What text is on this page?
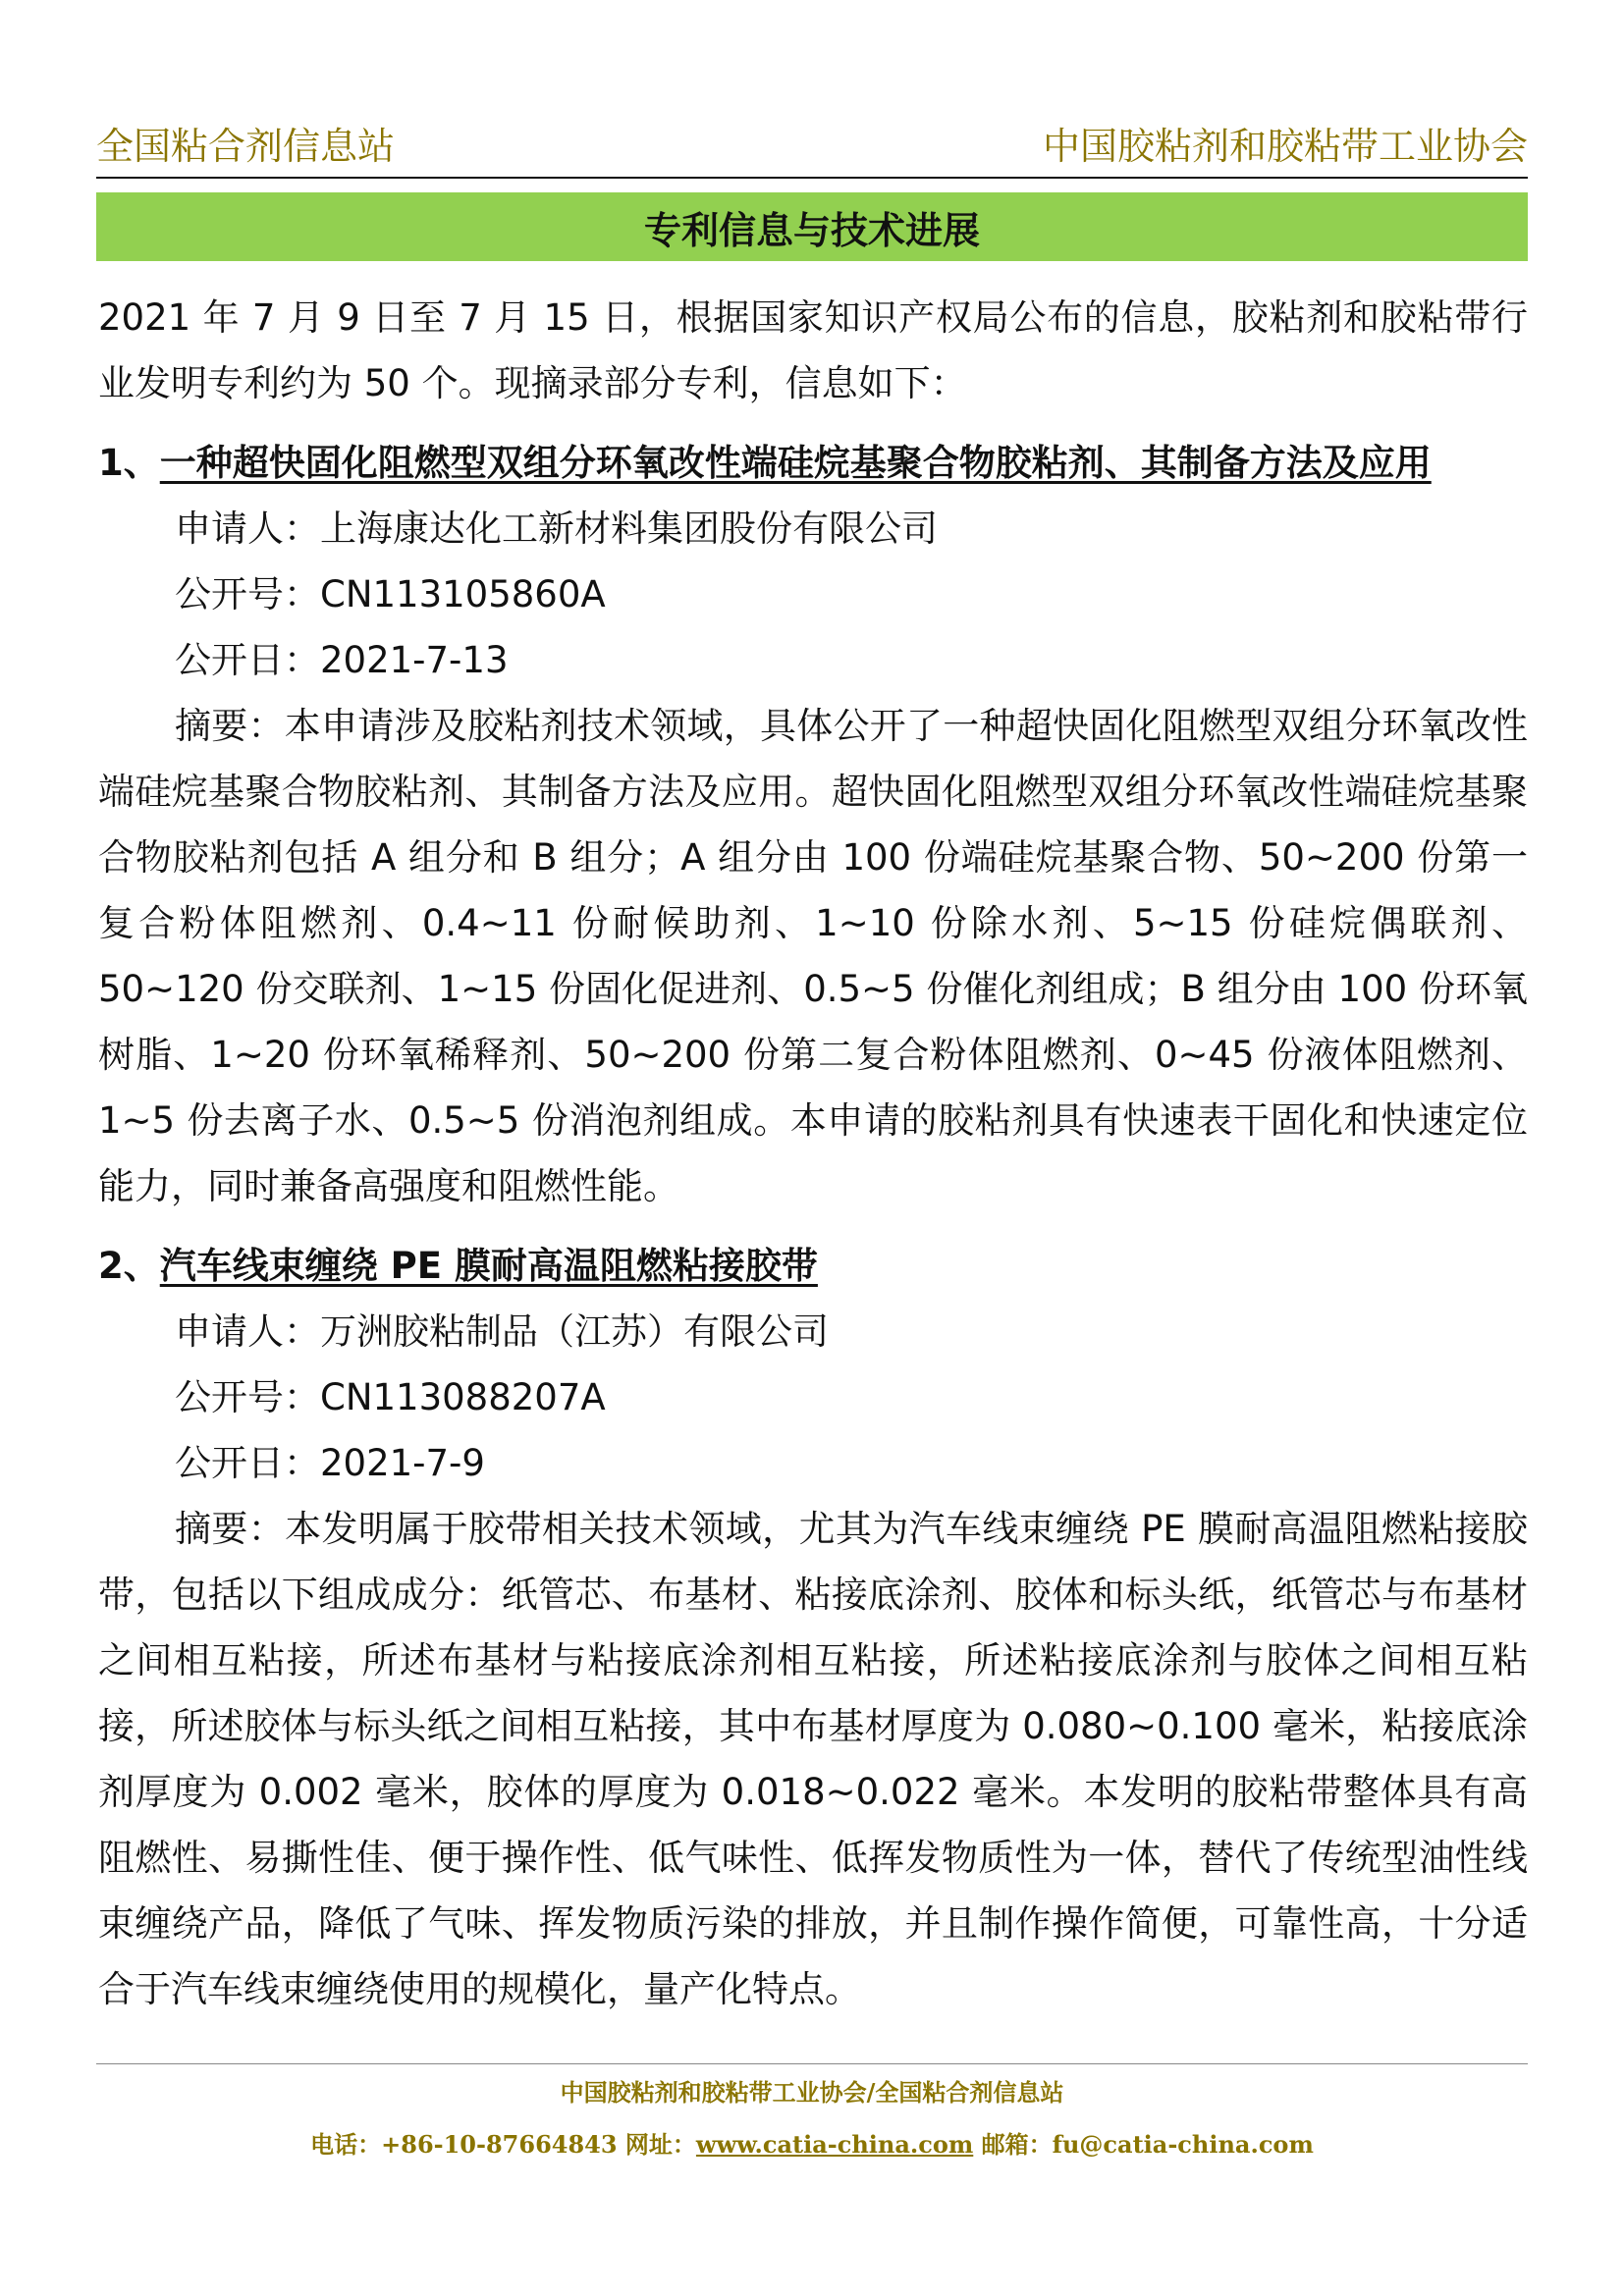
全国粘合剂信息站	中国胶粘剂和胶粘带工业协会
专利信息与技术进展

2021 年 7 月 9 日至 7 月 15 日，根据国家知识产权局公布的信息，胶粘剂和胶粘带行业发明专利约为 50 个。现摘录部分专利，信息如下：

1、一种超快固化阻燃型双组分环氧改性端硅烷基聚合物胶粘剂、其制备方法及应用

申请人：上海康达化工新材料集团股份有限公司

公开号：CN113105860A

公开日：2021-7-13

摘要：本申请涉及胶粘剂技术领域，具体公开了一种超快固化阻燃型双组分环氧改性端硅烷基聚合物胶粘剂、其制备方法及应用。超快固化阻燃型双组分环氧改性端硅烷基聚合物胶粘剂包括 A 组分和 B 组分；A 组分由 100 份端硅烷基聚合物、50~200 份第一复合粉体阻燃剂、0.4~11 份耐候助剂、1~10 份除水剂、5~15 份硅烷偶联剂、50~120 份交联剂、1~15 份固化促进剂、0.5~5 份催化剂组成；B 组分由 100 份环氧树脂、1~20 份环氧稀释剂、50~200 份第二复合粉体阻燃剂、0~45 份液体阻燃剂、1~5 份去离子水、0.5~5 份消泡剂组成。本申请的胶粘剂具有快速表干固化和快速定位能力，同时兼备高强度和阻燃性能。

2、汽车线束缠绕 PE 膜耐高温阻燃粘接胶带

申请人：万洲胶粘制品（江苏）有限公司

公开号：CN113088207A

公开日：2021-7-9

摘要：本发明属于胶带相关技术领域，尤其为汽车线束缠绕 PE 膜耐高温阻燃粘接胶带，包括以下组成成分：纸管芯、布基材、粘接底涂剂、胶体和标头纸，纸管芯与布基材之间相互粘接，所述布基材与粘接底涂剂相互粘接，所述粘接底涂剂与胶体之间相互粘接，所述胶体与标头纸之间相互粘接，其中布基材厚度为 0.080~0.100 毫米，粘接底涂剂厚度为 0.002 毫米，胶体的厚度为 0.018~0.022 毫米。本发明的胶粘带整体具有高阻燃性、易撕性佳、便于操作性、低气味性、低挥发物质性为一体，替代了传统型油性线束缠绕产品，降低了气味、挥发物质污染的排放，并且制作操作简便，可靠性高，十分适合于汽车线束缠绕使用的规模化，量产化特点。

中国胶粘剂和胶粘带工业协会/全国粘合剂信息站
电话：+86-10-87664843 网址：www.catia-china.com 邮箱：fu@catia-china.com
